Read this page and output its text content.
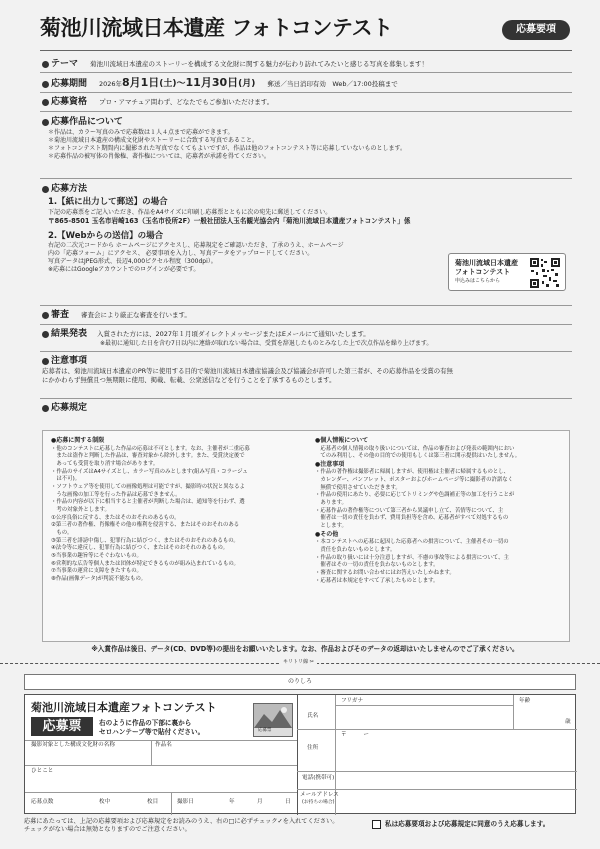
菊池川流域日本遺産 フォトコンテスト	応募要項
テーマ 菊池川流域日本遺産のストーリーを構成する文化財に関する魅力が伝わり訪れてみたいと感じる写真を募集します！
応募期間 2026年8月1日(土)〜11月30日(月) 郵送／当日消印有効　Web／17:00投稿まで
応募資格 プロ・アマチュア問わず、どなたでもご参加いただけます。
応募作品について
＊作品は、カラー写真のみで応募数は１人４点まで応募ができます。
＊菊池川流域日本遺産の構成文化財やストーリーに合致する写真であること。
＊フォトコンテスト期間内に撮影された写真でなくてもよいですが、作品は他のフォトコンテスト等に応募していないものとします。
＊応募作品の被写体の肖像権、著作権については、応募者が承諾を得てください。
応募方法
1.【紙に出力して郵送】の場合
下記の応募票をご記入いただき、作品をA4サイズに印刷し応募票とともに次の宛先に郵送してください。
〒865-8501 玉名市岩崎163（玉名市役所2F）一般社団法人玉名観光協会内「菊池川流域日本遺産フォトコンテスト」係
2.【Webからの送信】の場合
右記の二次元コードから ホームページにアクセスし、応募規定をご確認いただき、了承のうえ、ホームページ
内の「応募フォーム」にアクセス、 必要事項を入力し、写真データをアップロードしてください。
写真データはJPEG形式、長辺4,000ピクセル程度（300dpi）。
※応募にはGoogleアカウントでのログインが必要です。
菊池川流域日本遺産
フォトコンテスト
申込みはこちらから
審査 審査会により厳正な審査を行います。
結果発表 入賞された方には、2027年１月頃ダイレクトメッセージまたはEメールにて通知いたします。
※最初に通知した日を含む7日以内に連絡が取れない場合は、受賞を辞退したものとみなした上で次点作品を繰り上げます。
注意事項
応募者は、菊池川流域日本遺産のPR等に使用する目的で菊池川流域日本遺産協議会及び協議会が許可した第三者が、その応募作品を受賞の有無
にかかわらず無償且つ無期限に使用、掲載、転載、公衆送信などを行うことを了承するものとします。
応募規定
●応募に関する制限
・他のコンテストに応募した作品の応募は不可とします。なお、主催者が二重応募
　または盗作と判断した作品は、審査対象から除外します。また、受賞決定後で
　あっても受賞を取り消す場合があります。
・作品のサイズはA4サイズとし、カラー写真のみとします(組み写真・コラージュ
　は不可)。
・ソフトウェア等を使用しての画像処理は可能ですが、撮影時の状況と異なるよ
　うな画像の加工等を行った作品は応募できません。
・作品の内容が以下に相当すると主催者が判断した場合は、通知等を行わず、選
　考の対象外とします。
①公序良俗に反する、またはそのおそれのあるもの。
②第三者の著作権、肖像権その他の権利を侵害する、またはそのおそれのある
　もの。
③第三者を誹謗中傷し、犯罪行為に結びつく、またはそのおそれのあるもの。
④法令等に違反し、犯罪行為に結びつく、またはそのおそれのあるもの。
⑤当事業の趣旨等にそぐわないもの。
⑥営利的な広告等個人または団体が特定できるものが組み込まれているもの。
⑦当事業の運営に支障をきたすもの。
⑧作品(画像データ)が判読不能なもの。
●個人情報について
　応募者の個人情報の取り扱いについては、作品の審査および発表の範囲内におい
　てのみ利用し、その他の目的での使用もしくは第三者に開示提供はいたしません。
●注意事項
・作品の著作権は撮影者に帰属しますが、使用権は主催者に帰属するものとし、
　カレンダー、パンフレット、ポスターおよびホームページ等に撮影者の許諾なく
　無償で使用させていただきます。
・作品の使用にあたり、必要に応じてトリミングや色調補正等の加工を行うことが
　あります。
・応募作品の著作権等について第三者から異議申し立て、苦情等について、主
　催者は一切の責任を負わず、費用負担等を含め、応募者がすべて対処するもの
　とします。
●その他
・本コンテストへの応募に起因した応募者への損害について、主催者その一切の
　責任を負わないものとします。
・作品の取り扱いには十分注意しますが、不慮の事故等による損害について、主
　催者はその一切の責任を負わないものとします。
・審査に関するお問い合わせにはお答えいたしかねます。
・応募者は本規定をすべて了承したものとします。
※入賞作品は後日、データ(CD、DVD等)の提出をお願いいたします。なお、作品およびそのデータの返却はいたしませんのでご了承ください。
キリトリ線 ✂
のりしろ
菊池川流域日本遺産フォトコンテスト
応募票	右のように作品の下部に裏から
セロハンテープ等で貼付ください。	応募票
撮影対象とした構成文化財の名称	作品名
ひとこと
応募点数	枚中	枚目	撮影日	年	月	日
フリガナ	年齢
氏名
歳
〒　　　ー
住所
電話(携帯可)
メールアドレス
(お持ちの場合)
応募にあたっては、上記の応募要項および応募規定をお読みのうえ、右の□に必ずチェック✓を入れてください。
チェックがない場合は無効となりますのでご注意ください。
私は応募要項および応募規定に同意のうえ応募します。
